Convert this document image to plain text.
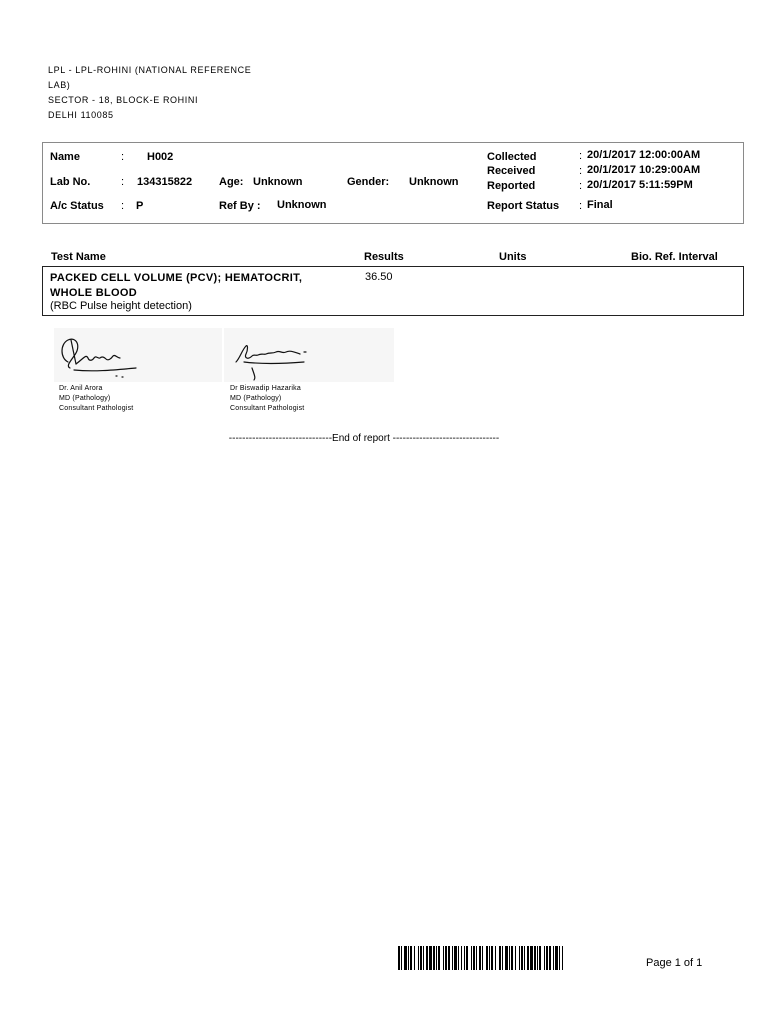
LPL - LPL-ROHINI (NATIONAL REFERENCE
LAB)
SECTOR - 18, BLOCK-E ROHINI
DELHI 110085
Name	: H002
Lab No.	: 134315822 Age: Unknown	Gender: Unknown
A/c Status : P	Ref By : Unknown
Collected	: 20/1/2017 12:00:00AM
Received	: 20/1/2017 10:29:00AM
Reported	: 20/1/2017 5:11:59PM
Report Status : Final
Test Name	Results	Units	Bio. Ref. Interval
PACKED CELL VOLUME (PCV); HEMATOCRIT,
WHOLE BLOOD
(RBC Pulse height detection)
36.50
Dr. Anil Arora
MD (Pathology)
Consultant Pathologist
Dr Biswadip Hazarika
MD (Pathology)
Consultant Pathologist
-------------------------------End of report --------------------------------
Page 1 of 1
